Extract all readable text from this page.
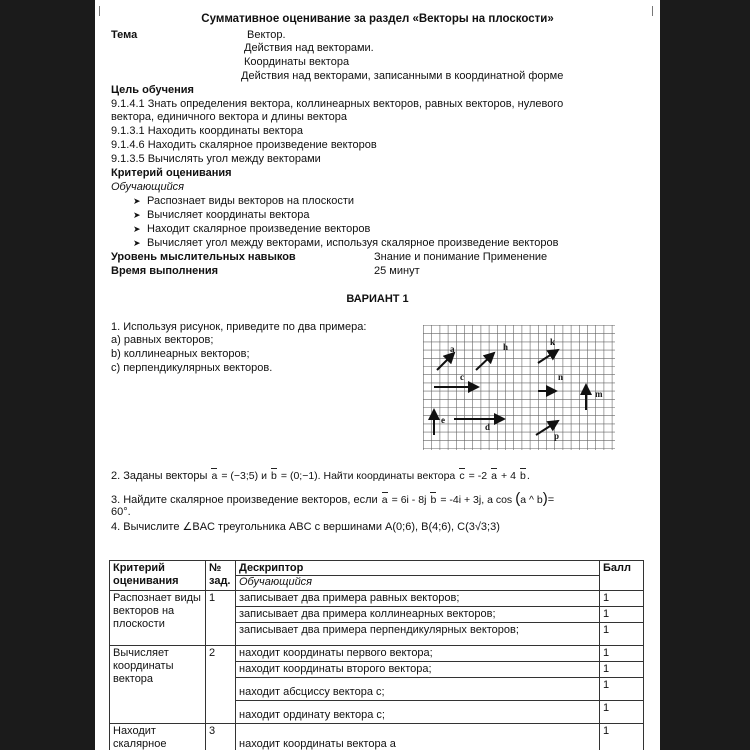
Суммативное оценивание за раздел «Векторы на плоскости»
Тема	Вектор.
Действия над векторами.
Координаты вектора
Действия над векторами, записанными в координатной форме
Цель обучения
9.1.4.1 Знать определения вектора, коллинеарных векторов, равных векторов, нулевого
вектора, единичного вектора и длины вектора
9.1.3.1 Находить координаты вектора
9.1.4.6 Находить скалярное произведение векторов
9.1.3.5 Вычислять угол между векторами
Критерий оценивания
Обучающийся
➤ Распознает виды векторов на плоскости
➤ Вычисляет координаты вектора
➤ Находит скалярное произведение векторов
➤ Вычисляет угол между векторами, используя скалярное произведение векторов
Уровень мыслительных навыков	Знание и понимание Применение
Время выполнения	25 минут
ВАРИАНТ 1
1. Используя рисунок, приведите по два примера:
a) равных векторов;
b) коллинеарных векторов;
c) перпендикулярных векторов.
a	h	k
c	n
m
e
d
p
2. Заданы векторы a = (−3;5) и b = (0;−1). Найти координаты вектора c = -2 a + 4 b.
3. Найдите скалярное произведение векторов, если a = 6i - 8j b = -4i + 3j, а cos (a ^ b)=
60°.
4. Вычислите ∠BAC треугольника ABC с вершинами A(0;6), B(4;6), C(3√3;3)
Критерий оценивания	№ зад.	Дескриптор
Обучающийся	Балл
Распознает виды векторов на плоскости	1	записывает два примера равных векторов;	1
		записывает два примера коллинеарных векторов;	1
		записывает два примера перпендикулярных векторов;	1
Вычисляет координаты вектора	2	находит координаты первого вектора;	1
		находит координаты второго вектора;	1
		находит абсциссу вектора c;	1
		находит ординату вектора c;	1
Находит скалярное	3	находит координаты вектора a	1
